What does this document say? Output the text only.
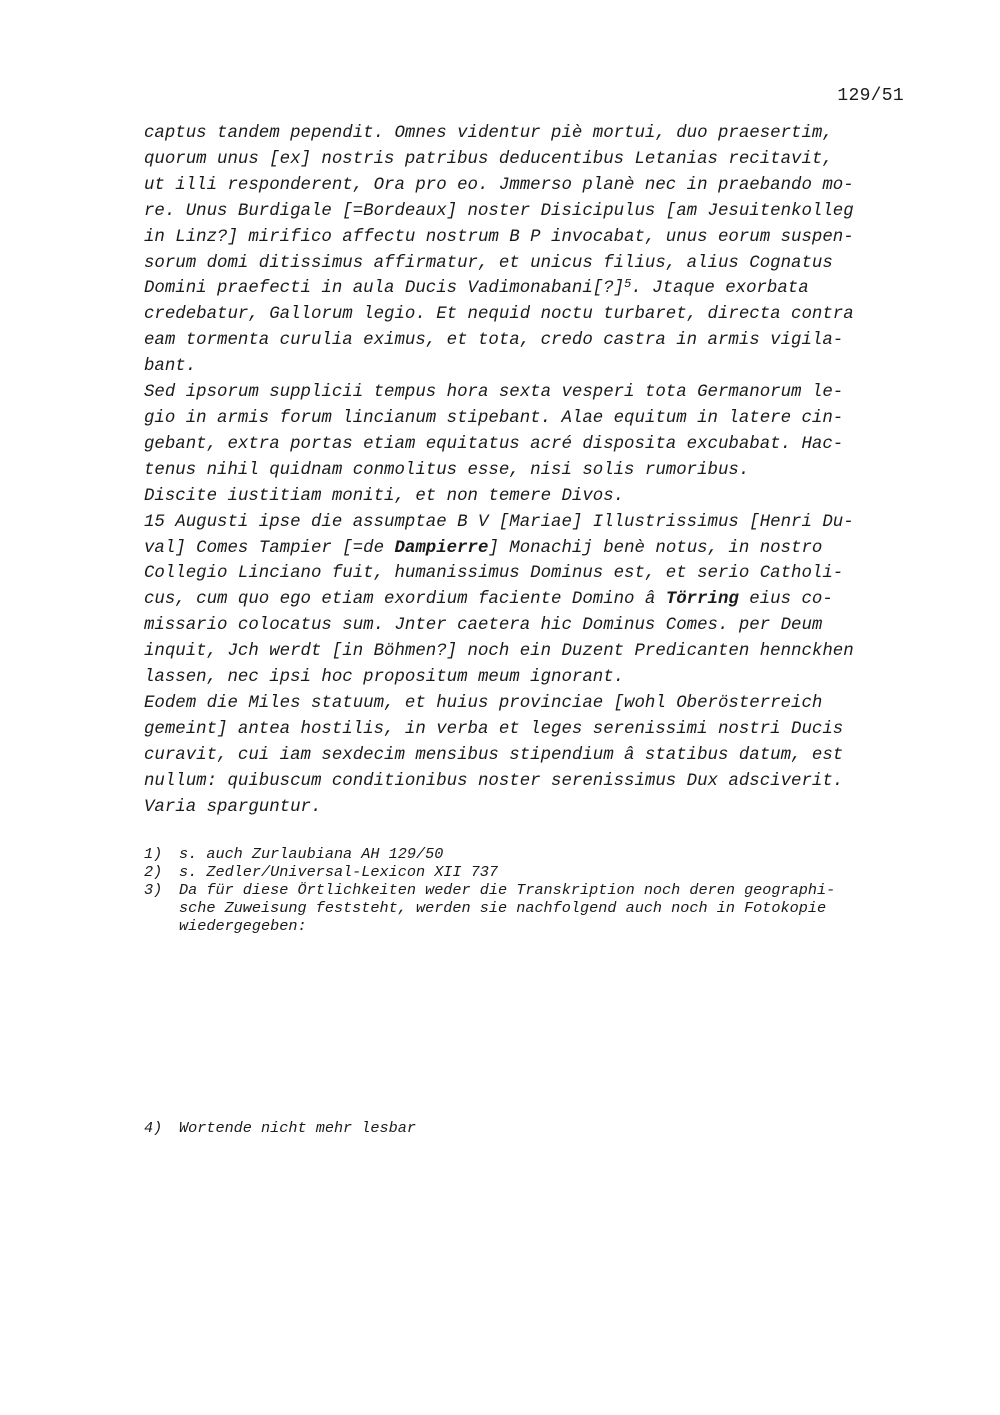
129/51
captus tandem pependit. Omnes videntur piè mortui, duo praesertim,
quorum unus [ex] nostris patribus deducentibus Letanias recitavit,
ut illi responderent, Ora pro eo. Jmmerso planè nec in praebando mo-
re. Unus Burdigale [=Bordeaux] noster Disicipulus [am Jesuitenkolleg
in Linz?] mirifico affectu nostrum B P invocabat, unus eorum suspen-
sorum domi ditissimus affirmatur, et unicus filius, alius Cognatus
Domini praefecti in aula Ducis Vadimonabani[?]$^5$. Jtaque exorbata
credebatur, Gallorum legio. Et nequid noctu turbaret, directa contra
eam tormenta curulia eximus, et tota, credo castra in armis vigila-
bant.
Sed ipsorum supplicii tempus hora sexta vesperi tota Germanorum le-
gio in armis forum lincianum stipebant. Alae equitum in latere cin-
gebant, extra portas etiam equitatus acré disposita excubabat. Hac-
tenus nihil quidnam conmolitus esse, nisi solis rumoribus.
Discite iustitiam moniti, et non temere Divos.
15 Augusti ipse die assumptae B V [Mariae] Illustrissimus [Henri Du-
val] Comes Tampier [=de Dampierre] Monachij benè notus, in nostro
Collegio Linciano fuit, humanissimus Dominus est, et serio Catholi-
cus, cum quo ego etiam exordium faciente Domino â Törring eius co-
missario colocatus sum. Jnter caetera hic Dominus Comes. per Deum
inquit, Jch werdt [in Böhmen?] noch ein Duzent Predicanten hennckhen
lassen, nec ipsi hoc propositum meum ignorant.
Eodem die Miles statuum, et huius provinciae [wohl Oberösterreich
gemeint] antea hostilis, in verba et leges serenissimi nostri Ducis
curavit, cui iam sexdecim mensibus stipendium â statibus datum, est
nullum: quibuscum conditionibus noster serenissimus Dux adsciverit.
Varia sparguntur.
1)	s. auch Zurlaubiana AH 129/50
2)	s. Zedler/Universal-Lexicon XII 737
3)	Da für diese Örtlichkeiten weder die Transkription noch deren geographi-
sche Zuweisung feststeht, werden sie nachfolgend auch noch in Fotokopie
wiedergegeben:
4)	Wortende nicht mehr lesbar
